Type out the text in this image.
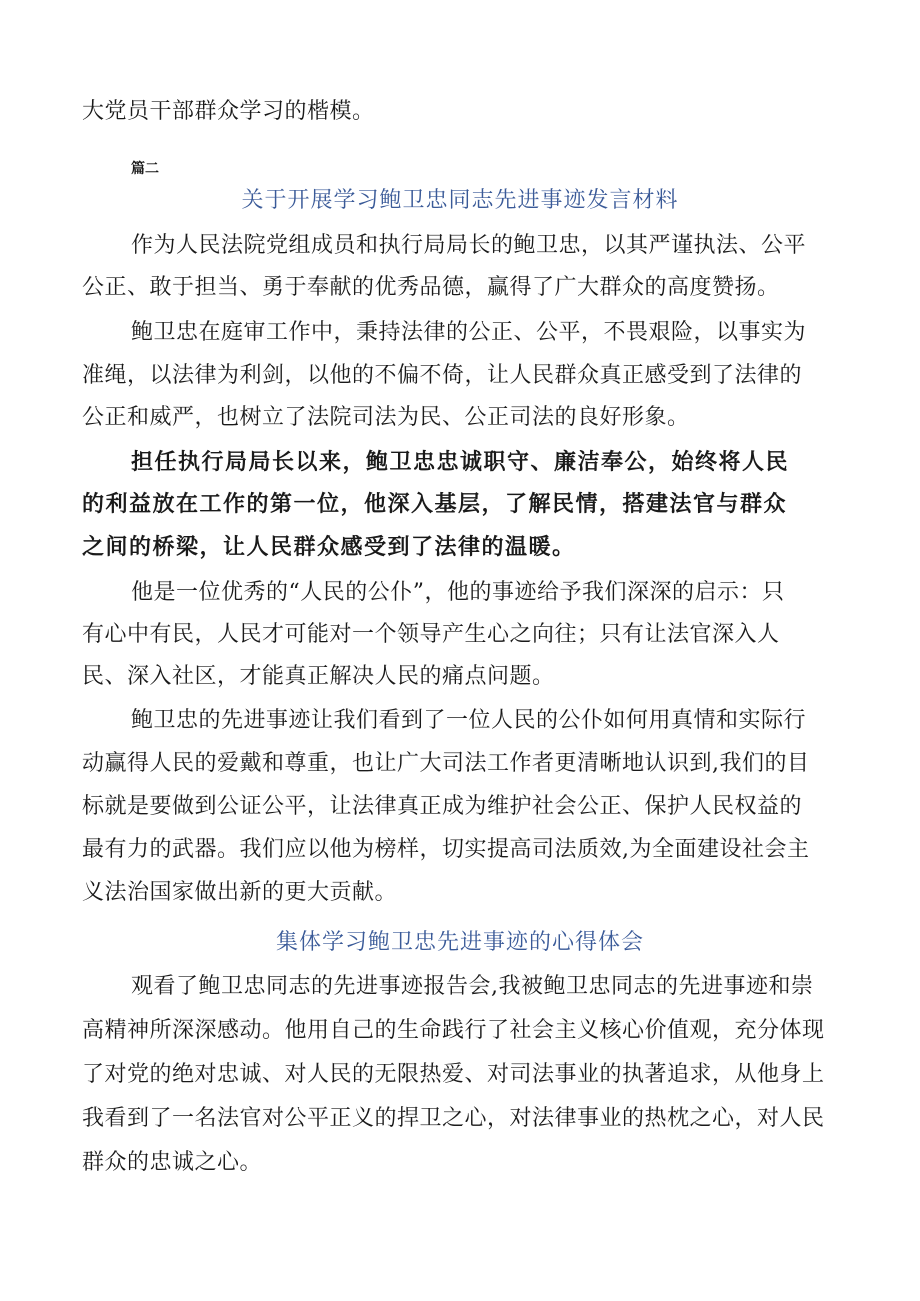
大党员干部群众学习的楷模。
篇二
关于开展学习鲍卫忠同志先进事迹发言材料
作为人民法院党组成员和执行局局长的鲍卫忠，以其严谨执法、公平
公正、敢于担当、勇于奉献的优秀品德，赢得了广大群众的高度赞扬。
鲍卫忠在庭审工作中，秉持法律的公正、公平，不畏艰险，以事实为
准绳，以法律为利剑，以他的不偏不倚，让人民群众真正感受到了法律的
公正和威严，也树立了法院司法为民、公正司法的良好形象。
担任执行局局长以来，鲍卫忠忠诚职守、廉洁奉公，始终将人民
的利益放在工作的第一位，他深入基层，了解民情，搭建法官与群众
之间的桥梁，让人民群众感受到了法律的温暖。
他是一位优秀的“人民的公仆”，他的事迹给予我们深深的启示：只
有心中有民，人民才可能对一个领导产生心之向往；只有让法官深入人
民、深入社区，才能真正解决人民的痛点问题。
鲍卫忠的先进事迹让我们看到了一位人民的公仆如何用真情和实际行
动赢得人民的爱戴和尊重，也让广大司法工作者更清晰地认识到,我们的目
标就是要做到公证公平，让法律真正成为维护社会公正、保护人民权益的
最有力的武器。我们应以他为榜样，切实提高司法质效,为全面建设社会主
义法治国家做出新的更大贡献。
集体学习鲍卫忠先进事迹的心得体会
观看了鲍卫忠同志的先进事迹报告会,我被鲍卫忠同志的先进事迹和崇
高精神所深深感动。他用自己的生命践行了社会主义核心价值观，充分体现
了对党的绝对忠诚、对人民的无限热爱、对司法事业的执著追求，从他身上
我看到了一名法官对公平正义的捍卫之心，对法律事业的热枕之心，对人民
群众的忠诚之心。
